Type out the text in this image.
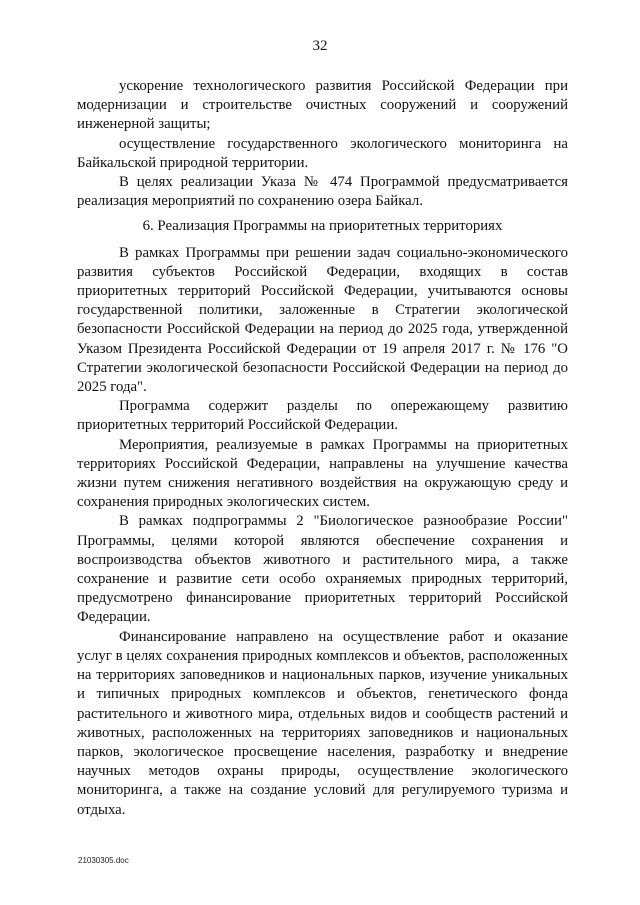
32

ускорение технологического развития Российской Федерации при модернизации и строительстве очистных сооружений и сооружений инженерной защиты;

осуществление государственного экологического мониторинга на Байкальской природной территории.

В целях реализации Указа № 474 Программой предусматривается реализация мероприятий по сохранению озера Байкал.

6. Реализация Программы на приоритетных территориях

В рамках Программы при решении задач социально-экономического развития субъектов Российской Федерации, входящих в состав приоритетных территорий Российской Федерации, учитываются основы государственной политики, заложенные в Стратегии экологической безопасности Российской Федерации на период до 2025 года, утвержденной Указом Президента Российской Федерации от 19 апреля 2017 г. № 176 "О Стратегии экологической безопасности Российской Федерации на период до 2025 года".

Программа содержит разделы по опережающему развитию приоритетных территорий Российской Федерации.

Мероприятия, реализуемые в рамках Программы на приоритетных территориях Российской Федерации, направлены на улучшение качества жизни путем снижения негативного воздействия на окружающую среду и сохранения природных экологических систем.

В рамках подпрограммы 2 "Биологическое разнообразие России" Программы, целями которой являются обеспечение сохранения и воспроизводства объектов животного и растительного мира, а также сохранение и развитие сети особо охраняемых природных территорий, предусмотрено финансирование приоритетных территорий Российской Федерации.

Финансирование направлено на осуществление работ и оказание услуг в целях сохранения природных комплексов и объектов, расположенных на территориях заповедников и национальных парков, изучение уникальных и типичных природных комплексов и объектов, генетического фонда растительного и животного мира, отдельных видов и сообществ растений и животных, расположенных на территориях заповедников и национальных парков, экологическое просвещение населения, разработку и внедрение научных методов охраны природы, осуществление экологического мониторинга, а также на создание условий для регулируемого туризма и отдыха.

21030305.doc
